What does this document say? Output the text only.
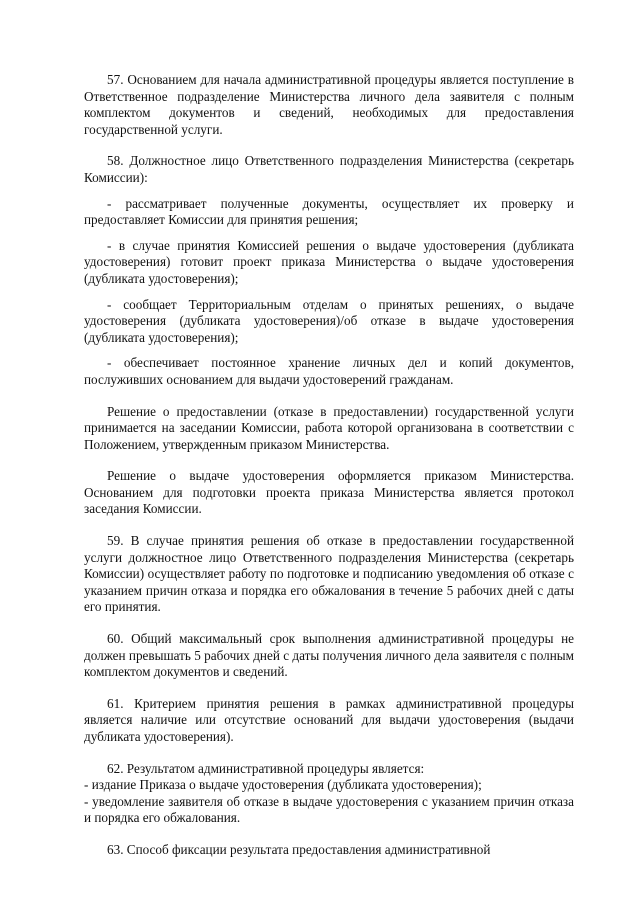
57. Основанием для начала административной процедуры является поступление в Ответственное подразделение Министерства личного дела заявителя с полным комплектом документов и сведений, необходимых для предоставления государственной услуги.

58. Должностное лицо Ответственного подразделения Министерства (секретарь Комиссии):

- рассматривает полученные документы, осуществляет их проверку и предоставляет Комиссии для принятия решения;

- в случае принятия Комиссией решения о выдаче удостоверения (дубликата удостоверения) готовит проект приказа Министерства о выдаче удостоверения (дубликата удостоверения);

- сообщает Территориальным отделам о принятых решениях, о выдаче удостоверения (дубликата удостоверения)/об отказе в выдаче удостоверения (дубликата удостоверения);

- обеспечивает постоянное хранение личных дел и копий документов, послуживших основанием для выдачи удостоверений гражданам.

Решение о предоставлении (отказе в предоставлении) государственной услуги принимается на заседании Комиссии, работа которой организована в соответствии с Положением, утвержденным приказом Министерства.

Решение о выдаче удостоверения оформляется приказом Министерства. Основанием для подготовки проекта приказа Министерства является протокол заседания Комиссии.

59. В случае принятия решения об отказе в предоставлении государственной услуги должностное лицо Ответственного подразделения Министерства (секретарь Комиссии) осуществляет работу по подготовке и подписанию уведомления об отказе с указанием причин отказа и порядка его обжалования в течение 5 рабочих дней с даты его принятия.

60. Общий максимальный срок выполнения административной процедуры не должен превышать 5 рабочих дней с даты получения личного дела заявителя с полным комплектом документов и сведений.

61. Критерием принятия решения в рамках административной процедуры является наличие или отсутствие оснований для выдачи удостоверения (выдачи дубликата удостоверения).

62. Результатом административной процедуры является:
- издание Приказа о выдаче удостоверения (дубликата удостоверения);
- уведомление заявителя об отказе в выдаче удостоверения с указанием причин отказа и порядка его обжалования.

63. Способ фиксации результата предоставления административной
